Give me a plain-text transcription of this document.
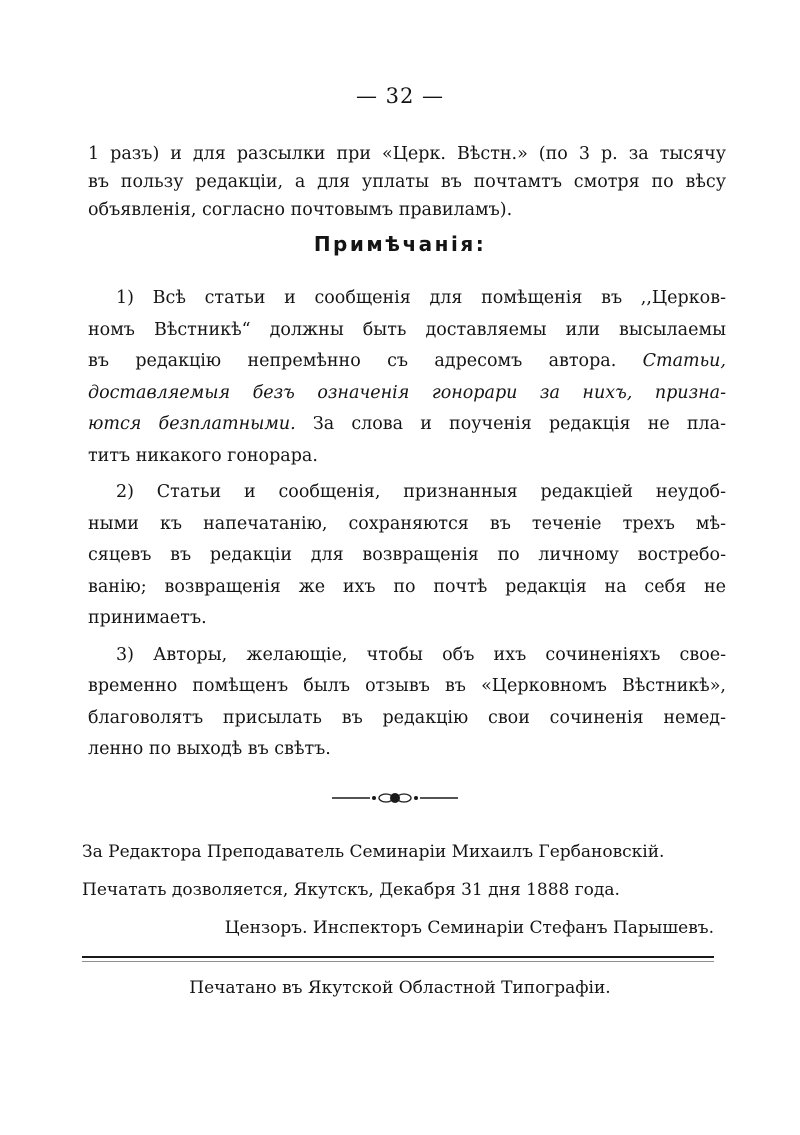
— 32 —
1 разъ) и для разсылки при «Церк. Вѣстн.» (по 3 р. за тысячу
въ пользу редакціи, а для уплаты въ почтамтъ смотря по вѣсу
объявленія, согласно почтовымъ правиламъ).
Примѣчанія:
1) Всѣ статьи и сообщенія для помѣщенія въ ,,Церков-
номъ Вѣстникѣ“ должны быть доставляемы или высылаемы
въ редакцію непремѣнно съ адресомъ автора. Статьи,
доставляемыя безъ означенія гонорари за нихъ, призна-
ются безплатными. За слова и поученія редакція не пла-
титъ никакого гонорара.
2) Статьи и сообщенія, признанныя редакціей неудоб-
ными къ напечатанію, сохраняются въ теченіе трехъ мѣ-
сяцевъ въ редакціи для возвращенія по личному востребо-
ванію; возвращенія же ихъ по почтѣ редакція на себя не
принимаетъ.
3) Авторы, желающіе, чтобы объ ихъ сочиненіяхъ свое-
временно помѣщенъ былъ отзывъ въ «Церковномъ Вѣстникѣ»,
благоволятъ присылать въ редакцію свои сочиненія немед-
ленно по выходѣ въ свѣтъ.
За Редактора Преподаватель Семинаріи Михаилъ Гербановскій.
Печатать дозволяется, Якутскъ, Декабря 31 дня 1888 года.
Цензоръ. Инспекторъ Семинаріи Стефанъ Парышевъ.
Печатано въ Якутской Областной Типографіи.
